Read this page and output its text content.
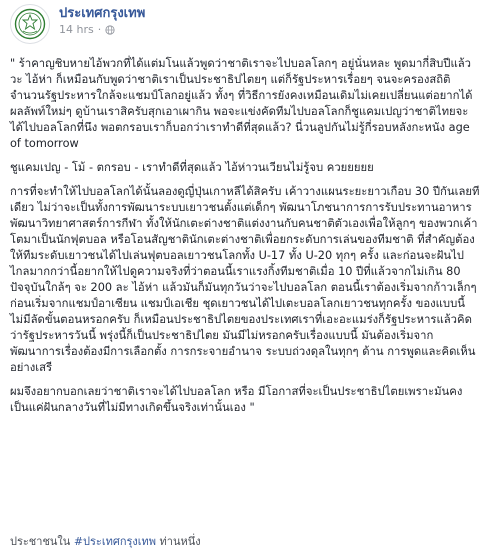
ประเทศกรุงเทพ
14 hrs ·

" ร้าคาญชิบหายไอ้พวกที่ได้แต่มโนแล้วพูดว่าชาติเราจะไปบอลโลกๆ อยู่นั่นหละ พูดมากี่สิบปีแล้ววะ ไอ้ห่า ก็เหมือนกับพูดว่าชาติเราเป็นประชาธิปไตยๆ แต่ก็รัฐประหารเรื่อยๆ จนจะครองสถิติจำนวนรัฐประหารใกล้จะแชมป์โลกอยู่แล้ว ทั้งๆ ที่วิธีการยังคงเหมือนเดิมไม่เคยเปลี่ยนแต่อยากได้ผลลัพท์ใหม่ๆ ดูบ้านเราสิครับสุกเอาเผากิน พอจะแข่งคัดทีมไปบอลโลกก็ชูแคมเปญว่าชาติไทยจะได้ไปบอลโลกที่นึง พอตกรอบเราก็บอกว่าเราทำดีที่สุดแล้ว? นี่วนลูปกันไม่รู้กี่รอบหลังกะหนัง age of tomorrow

ชูแคมเปญ - โม้ - ตกรอบ - เราทำดีที่สุดแล้ว ไอ้ห่าวนเวียนไม่รู้จบ ควยยยยย

การที่จะทำให้ไปบอลโลกได้นั้นลองดูญี่ปุ่นเกาหลีได้สิครับ เค้าวางแผนระยะยาวเกือบ 30 ปีกันเลยทีเดียว ไม่ว่าจะเป็นทั้งการพัฒนาระบบเยาวชนตั้งแต่เด็กๆ พัฒนาโภชนาการการรับประทานอาหาร พัฒนาวิทยาศาสตร์การกีฬา ทั้งให้นักเตะต่างชาติแต่งงานกับคนชาติตัวเองเพื่อให้ลูกๆ ของพวกเค้าโตมาเป็นนักฟุตบอล หรือโอนสัญชาตินักเตะต่างชาติเพื่อยกระดับการเล่นของทีมชาติ ที่สำคัญต้องให้ทีมระดับเยาวชนได้ไปเล่นฟุตบอลเยาวชนโลกทั้ง U-17 ทั้ง U-20 ทุกๆ ครั้ง และก่อนจะฝันไปไกลมากกว่านี้อยากให้ไปดูความจริงที่ว่าตอนนี้เราแรงกิ้งทีมชาติเมื่อ 10 ปีที่แล้วจากไม่เกิน 80 ปัจจุบันใกล้ๆ จะ 200 ละ ไอ้ห่า แล้วมันก็มันทุกวันว่าจะไปบอลโลก ตอนนี้เราต้องเริ่มจากก้าวเล็กๆ ก่อนเริ่มจากแชมป์อาเซียน แชมป์เอเชีย ชุดเยาวชนได้ไปเตะบอลโลกเยาวชนทุกครั้ง ของแบบนี้ไม่มีลัดขั้นตอนหรอกครับ ก็เหมือนประชาธิปไตยของประเทศเราที่เอะอะแมร่งก็รัฐประหารแล้วคิดว่ารัฐประหารวันนี้ พรุ่งนี้ก็เป็นประชาธิปไตย มันมีไม่หรอกครับเรื่องแบบนี้ มันต้องเริ่มจากพัฒนาการเรื่องต้องมีการเลือกตั้ง การกระจายอำนาจ ระบบถ่วงดุลในทุกๆ ด้าน การพูดและคิดเห็นอย่างเสรี

ผมจึงอยากบอกเลยว่าชาติเราจะได้ไปบอลโลก หรือ มีโอกาสที่จะเป็นประชาธิปไตยเพราะมันคงเป็นแค่ฝันกลางวันที่ไม่มีทางเกิดขึ้นจริงเท่านั้นเอง "

ประชาชนใน #ประเทศกรุงเทพ ท่านหนึ่ง
